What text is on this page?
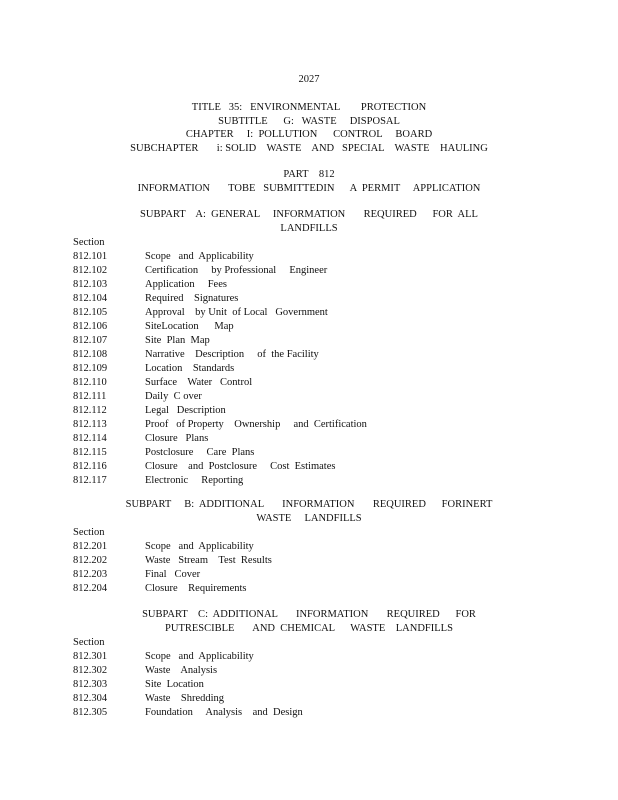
2027
TITLE   35:   ENVIRONMENTAL        PROTECTION
SUBTITLE      G:   WASTE     DISPOSAL
CHAPTER     I:  POLLUTION      CONTROL     BOARD
SUBCHAPTER       i: SOLID    WASTE    AND   SPECIAL    WASTE    HAULING
PART    812
INFORMATION       TOBE   SUBMITTEDIN      A  PERMIT     APPLICATION
SUBPART    A:  GENERAL     INFORMATION       REQUIRED      FOR  ALL
LANDFILLS
Section
812.101	Scope   and  Applicability
812.102	Certification     by Professional     Engineer
812.103	Application     Fees
812.104	Required    Signatures
812.105	Approval    by Unit  of Local   Government
812.106	SiteLocation      Map
812.107	Site  Plan  Map
812.108	Narrative    Description     of  the Facility
812.109	Location    Standards
812.110	Surface    Water   Control
812.111	Daily  C over
812.112	Legal   Description
812.113	Proof   of Property    Ownership     and  Certification
812.114	Closure   Plans
812.115	Postclosure     Care  Plans
812.116	Closure    and  Postclosure     Cost  Estimates
812.117	Electronic     Reporting
SUBPART     B:  ADDITIONAL       INFORMATION       REQUIRED      FORINERT
WASTE     LANDFILLS
Section
812.201	Scope   and  Applicability
812.202	Waste   Stream    Test  Results
812.203	Final   Cover
812.204	Closure    Requirements
SUBPART    C:  ADDITIONAL       INFORMATION       REQUIRED      FOR
PUTRESCIBLE       AND  CHEMICAL      WASTE    LANDFILLS
Section
812.301	Scope   and  Applicability
812.302	Waste    Analysis
812.303	Site  Location
812.304	Waste    Shredding
812.305	Foundation     Analysis    and  Design
